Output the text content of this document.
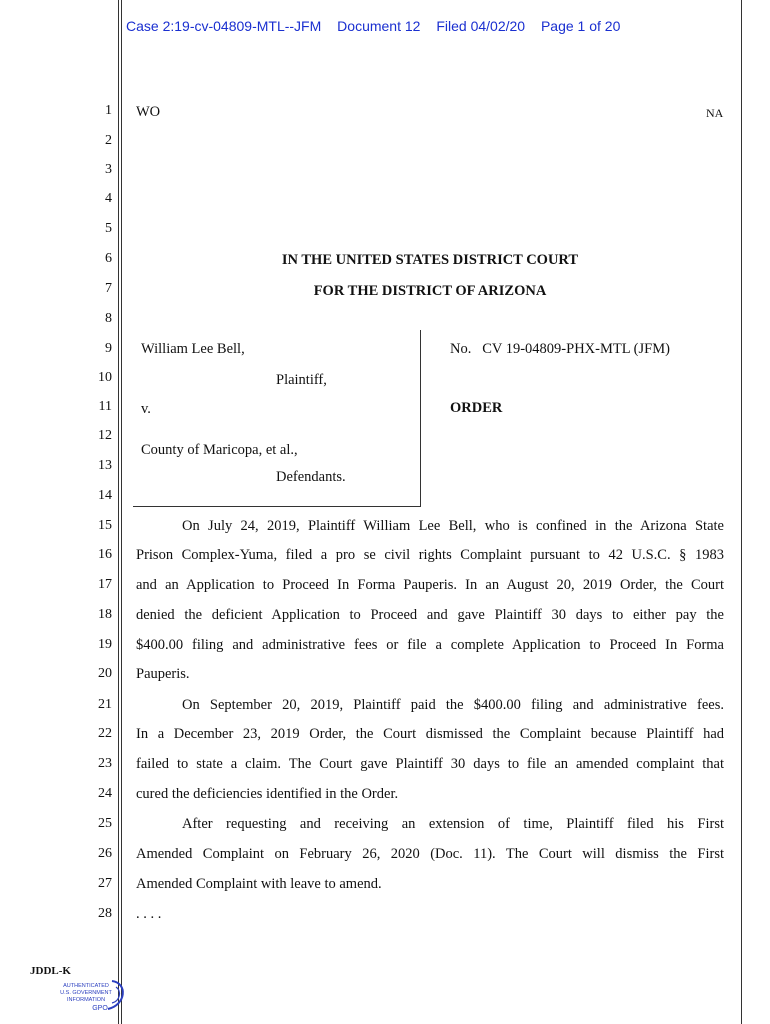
Case 2:19-cv-04809-MTL--JFM Document 12 Filed 04/02/20 Page 1 of 20
1
2
3
4
5
6
7
8
9
10
11
12
13
14
15
16
17
18
19
20
21
22
23
24
25
26
27
28
WO	NA
IN THE UNITED STATES DISTRICT COURT
FOR THE DISTRICT OF ARIZONA
William Lee Bell,
Plaintiff,
v.
County of Maricopa, et al.,
Defendants.
No.   CV 19-04809-PHX-MTL (JFM)
ORDER
On July 24, 2019, Plaintiff William Lee Bell, who is confined in the Arizona State
Prison Complex-Yuma, filed a pro se civil rights Complaint pursuant to 42 U.S.C. § 1983
and an Application to Proceed In Forma Pauperis. In an August 20, 2019 Order, the Court
denied the deficient Application to Proceed and gave Plaintiff 30 days to either pay the
$400.00 filing and administrative fees or file a complete Application to Proceed In Forma
Pauperis.
On September 20, 2019, Plaintiff paid the $400.00 filing and administrative fees.
In a December 23, 2019 Order, the Court dismissed the Complaint because Plaintiff had
failed to state a claim. The Court gave Plaintiff 30 days to file an amended complaint that
cured the deficiencies identified in the Order.
After requesting and receiving an extension of time, Plaintiff filed his First
Amended Complaint on February 26, 2020 (Doc. 11). The Court will dismiss the First
Amended Complaint with leave to amend.
. . . .
JDDL-K
AUTHENTICATED
U.S. GOVERNMENT
INFORMATION
GPO
